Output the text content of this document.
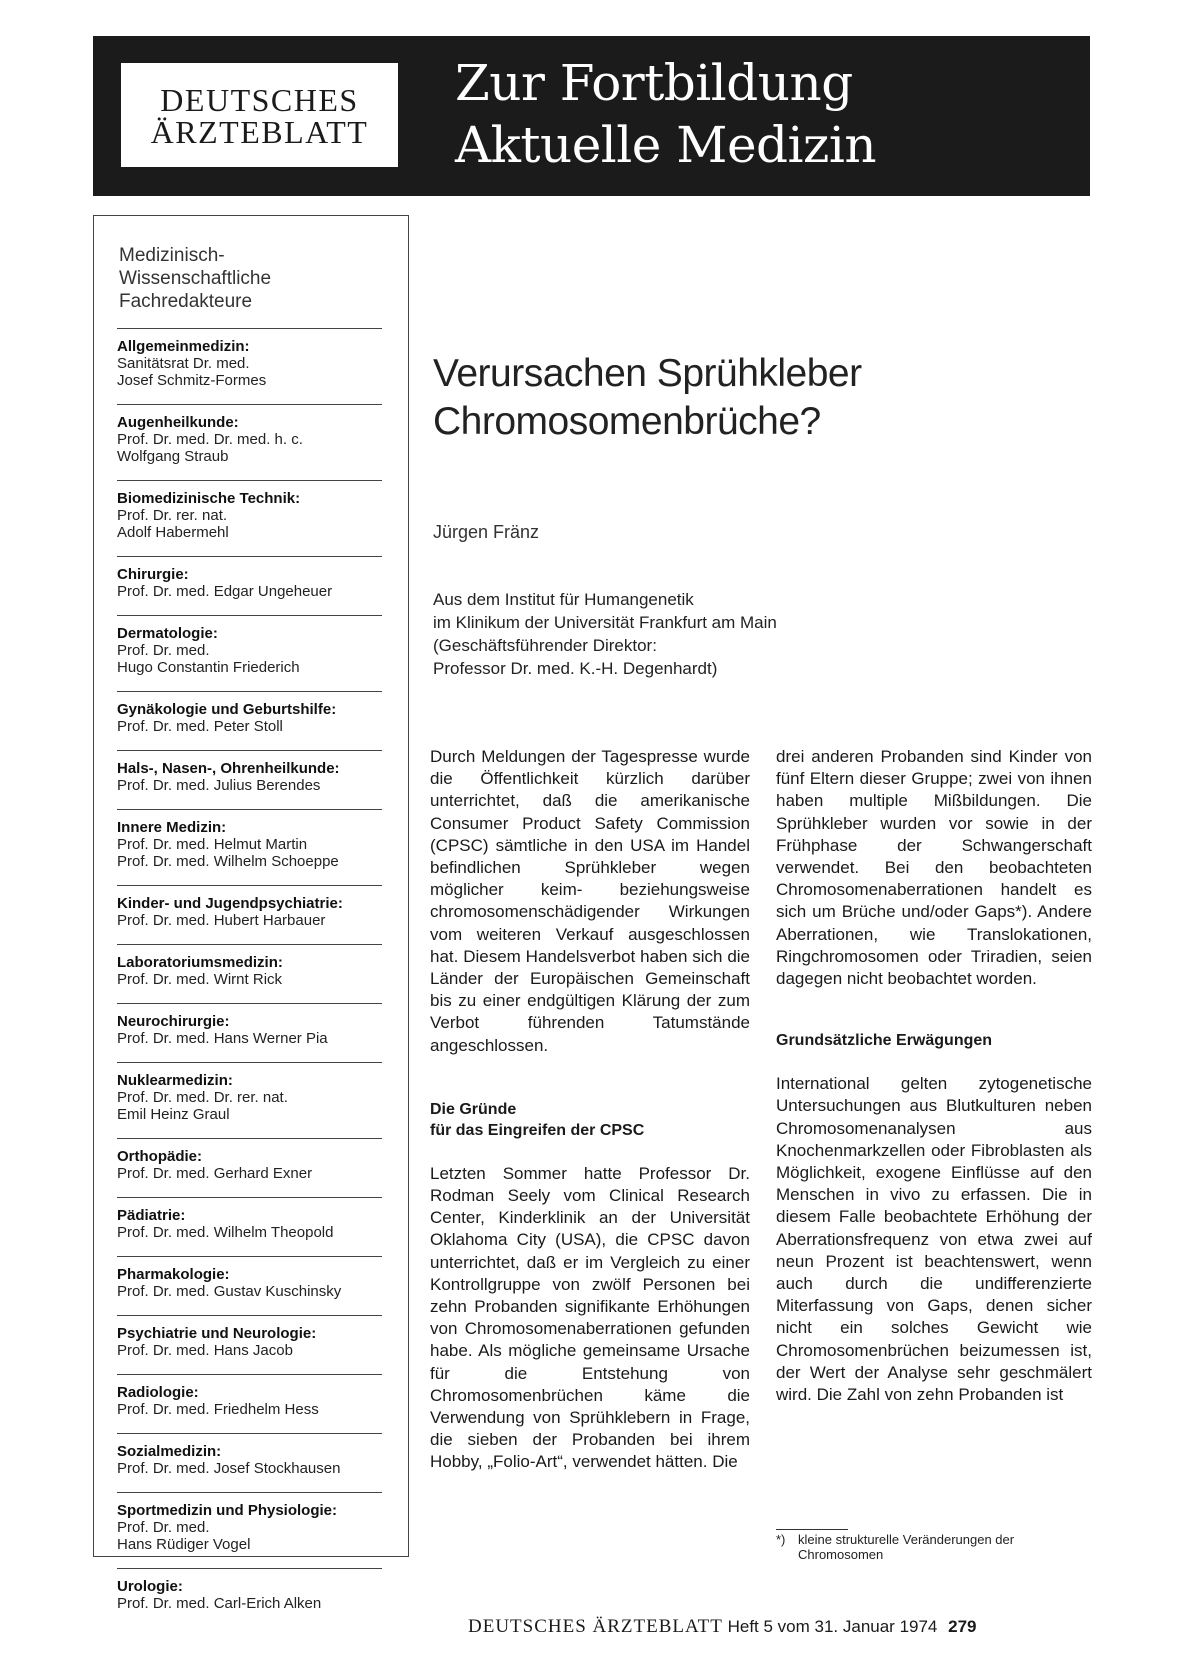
DEUTSCHES
ÄRZTEBLATT
Zur Fortbildung
Aktuelle Medizin
Medizinisch-
Wissenschaftliche
Fachredakteure
Allgemeinmedizin:
Sanitätsrat Dr. med.
Josef Schmitz-Formes
Augenheilkunde:
Prof. Dr. med. Dr. med. h. c.
Wolfgang Straub
Biomedizinische Technik:
Prof. Dr. rer. nat.
Adolf Habermehl
Chirurgie:
Prof. Dr. med. Edgar Ungeheuer
Dermatologie:
Prof. Dr. med.
Hugo Constantin Friederich
Gynäkologie und Geburtshilfe:
Prof. Dr. med. Peter Stoll
Hals-, Nasen-, Ohrenheilkunde:
Prof. Dr. med. Julius Berendes
Innere Medizin:
Prof. Dr. med. Helmut Martin
Prof. Dr. med. Wilhelm Schoeppe
Kinder- und Jugendpsychiatrie:
Prof. Dr. med. Hubert Harbauer
Laboratoriumsmedizin:
Prof. Dr. med. Wirnt Rick
Neurochirurgie:
Prof. Dr. med. Hans Werner Pia
Nuklearmedizin:
Prof. Dr. med. Dr. rer. nat.
Emil Heinz Graul
Orthopädie:
Prof. Dr. med. Gerhard Exner
Pädiatrie:
Prof. Dr. med. Wilhelm Theopold
Pharmakologie:
Prof. Dr. med. Gustav Kuschinsky
Psychiatrie und Neurologie:
Prof. Dr. med. Hans Jacob
Radiologie:
Prof. Dr. med. Friedhelm Hess
Sozialmedizin:
Prof. Dr. med. Josef Stockhausen
Sportmedizin und Physiologie:
Prof. Dr. med.
Hans Rüdiger Vogel
Urologie:
Prof. Dr. med. Carl-Erich Alken
Verursachen Sprühkleber
Chromosomenbrüche?
Jürgen Fränz
Aus dem Institut für Humangenetik
im Klinikum der Universität Frankfurt am Main
(Geschäftsführender Direktor:
Professor Dr. med. K.-H. Degenhardt)

Durch Meldungen der Tagespresse wurde die Öffentlichkeit kürzlich darüber unterrichtet, daß die amerikanische Consumer Product Safety Commission (CPSC) sämtliche in den USA im Handel befindlichen Sprühkleber wegen möglicher keim- beziehungsweise chromosomenschädigender Wirkungen vom weiteren Verkauf ausgeschlossen hat. Diesem Handelsverbot haben sich die Länder der Europäischen Gemeinschaft bis zu einer endgültigen Klärung der zum Verbot führenden Tatumstände angeschlossen.

Die Gründe
für das Eingreifen der CPSC

Letzten Sommer hatte Professor Dr. Rodman Seely vom Clinical Research Center, Kinderklinik an der Universität Oklahoma City (USA), die CPSC davon unterrichtet, daß er im Vergleich zu einer Kontrollgruppe von zwölf Personen bei zehn Probanden signifikante Erhöhungen von Chromosomenaberrationen gefunden habe. Als mögliche gemeinsame Ursache für die Entstehung von Chromosomenbrüchen käme die Verwendung von Sprühklebern in Frage, die sieben der Probanden bei ihrem Hobby, „Folio-Art“, verwendet hätten. Die

drei anderen Probanden sind Kinder von fünf Eltern dieser Gruppe; zwei von ihnen haben multiple Mißbildungen. Die Sprühkleber wurden vor sowie in der Frühphase der Schwangerschaft verwendet. Bei den beobachteten Chromosomenaberrationen handelt es sich um Brüche und/oder Gaps*). Andere Aberrationen, wie Translokationen, Ringchromosomen oder Triradien, seien dagegen nicht beobachtet worden.

Grundsätzliche Erwägungen

International gelten zytogenetische Untersuchungen aus Blutkulturen neben Chromosomenanalysen aus Knochenmarkzellen oder Fibroblasten als Möglichkeit, exogene Einflüsse auf den Menschen in vivo zu erfassen. Die in diesem Falle beobachtete Erhöhung der Aberrationsfrequenz von etwa zwei auf neun Prozent ist beachtenswert, wenn auch durch die undifferenzierte Miterfassung von Gaps, denen sicher nicht ein solches Gewicht wie Chromosomenbrüchen beizumessen ist, der Wert der Analyse sehr geschmälert wird. Die Zahl von zehn Probanden ist

*) kleine strukturelle Veränderungen der
Chromosomen
DEUTSCHES ÄRZTEBLATT Heft 5 vom 31. Januar 1974 279
